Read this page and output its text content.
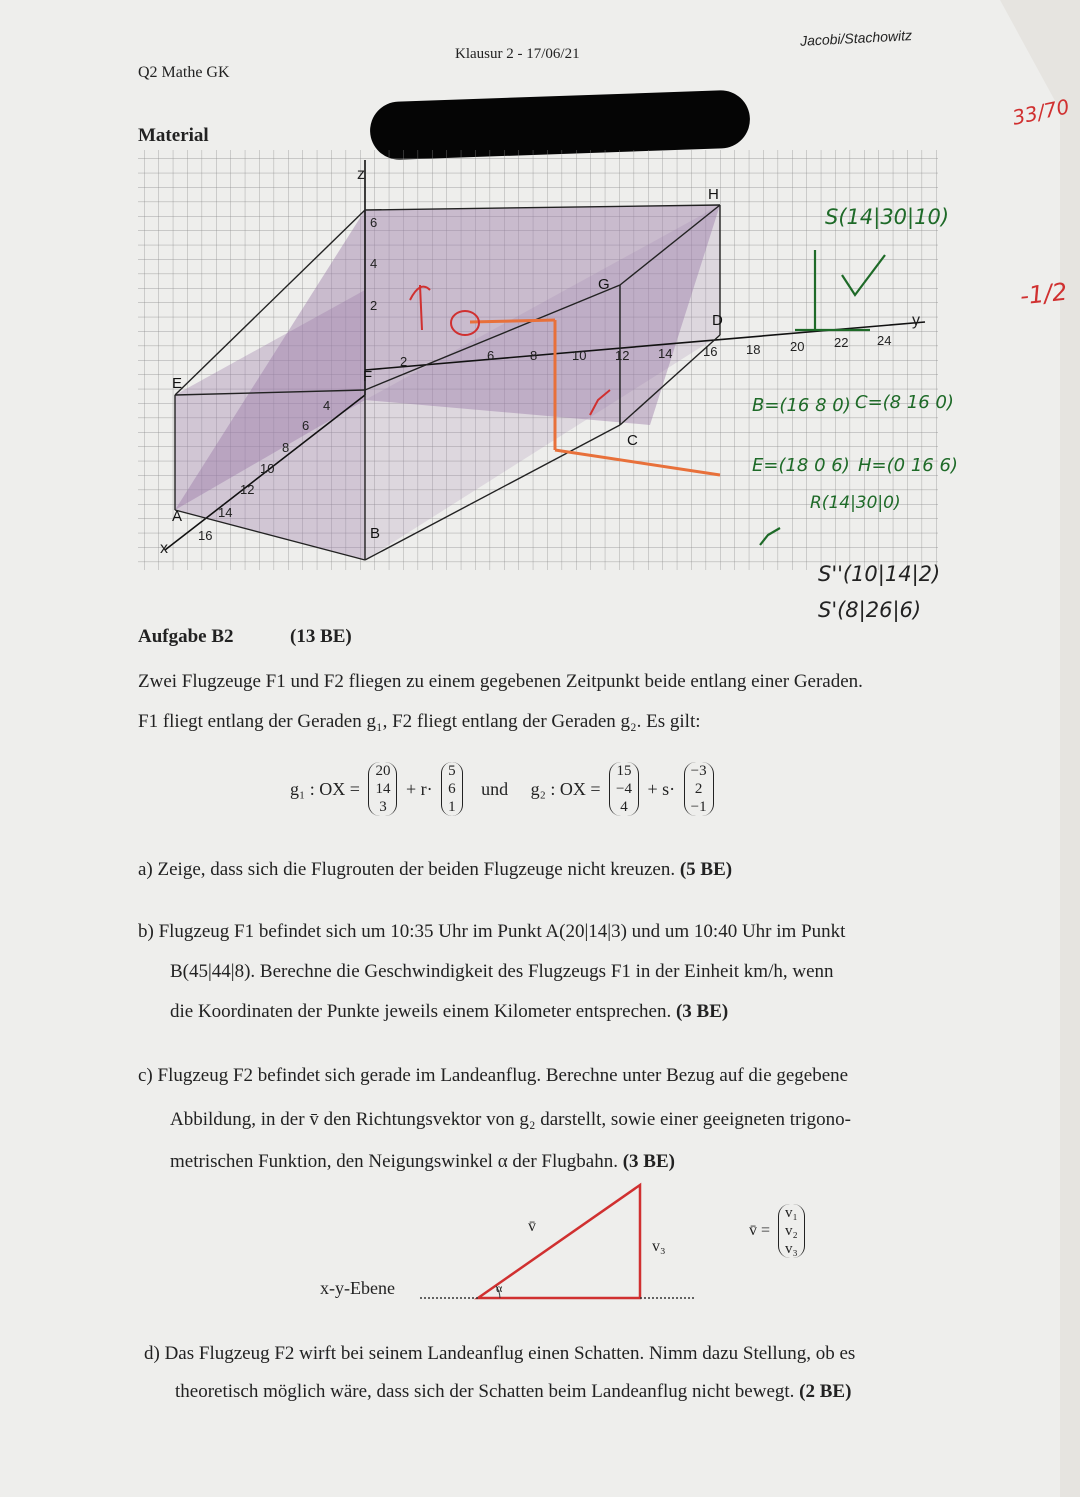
Q2 Mathe GK
Klausur 2 - 17/06/21
Jacobi/Stachowitz
Material
33/70
-1/2
z
y
x
6
4
2
2	6	8	10 12 14 16 18 20 22 24
4
6
8
10
12
14
16
A
B
C
D
E	F
G
H
S(14|30|10)
B=(16 8 0) C=(8 16 0)
E=(18 0 6) H=(0 16 6)
R(14|30|0)
S''(10|14|2)
S'(8|26|6)
Aufgabe B2	(13 BE)
Zwei Flugzeuge F1 und F2 fliegen zu einem gegebenen Zeitpunkt beide entlang einer Geraden.
F1 fliegt entlang der Geraden g₁, F2 fliegt entlang der Geraden g₂. Es gilt:
g₁ : OX =
20
14
3
+ r·
5
6
1
und g₂ : OX =
15
−4
4
+ s·
−3
2
−1
a) Zeige, dass sich die Flugrouten der beiden Flugzeuge nicht kreuzen. (5 BE)
b) Flugzeug F1 befindet sich um 10:35 Uhr im Punkt A(20|14|3) und um 10:40 Uhr im Punkt
B(45|44|8). Berechne die Geschwindigkeit des Flugzeugs F1 in der Einheit km/h, wenn
die Koordinaten der Punkte jeweils einem Kilometer entsprechen. (3 BE)
c) Flugzeug F2 befindet sich gerade im Landeanflug. Berechne unter Bezug auf die gegebene
Abbildung, in der v̄ den Richtungsvektor von g₂ darstellt, sowie einer geeigneten trigono-
metrischen Funktion, den Neigungswinkel α der Flugbahn. (3 BE)
x-y-Ebene
v̄
v₃
α
v̄ =
v₁
v₂
v₃
d) Das Flugzeug F2 wirft bei seinem Landeanflug einen Schatten. Nimm dazu Stellung, ob es
theoretisch möglich wäre, dass sich der Schatten beim Landeanflug nicht bewegt. (2 BE)
